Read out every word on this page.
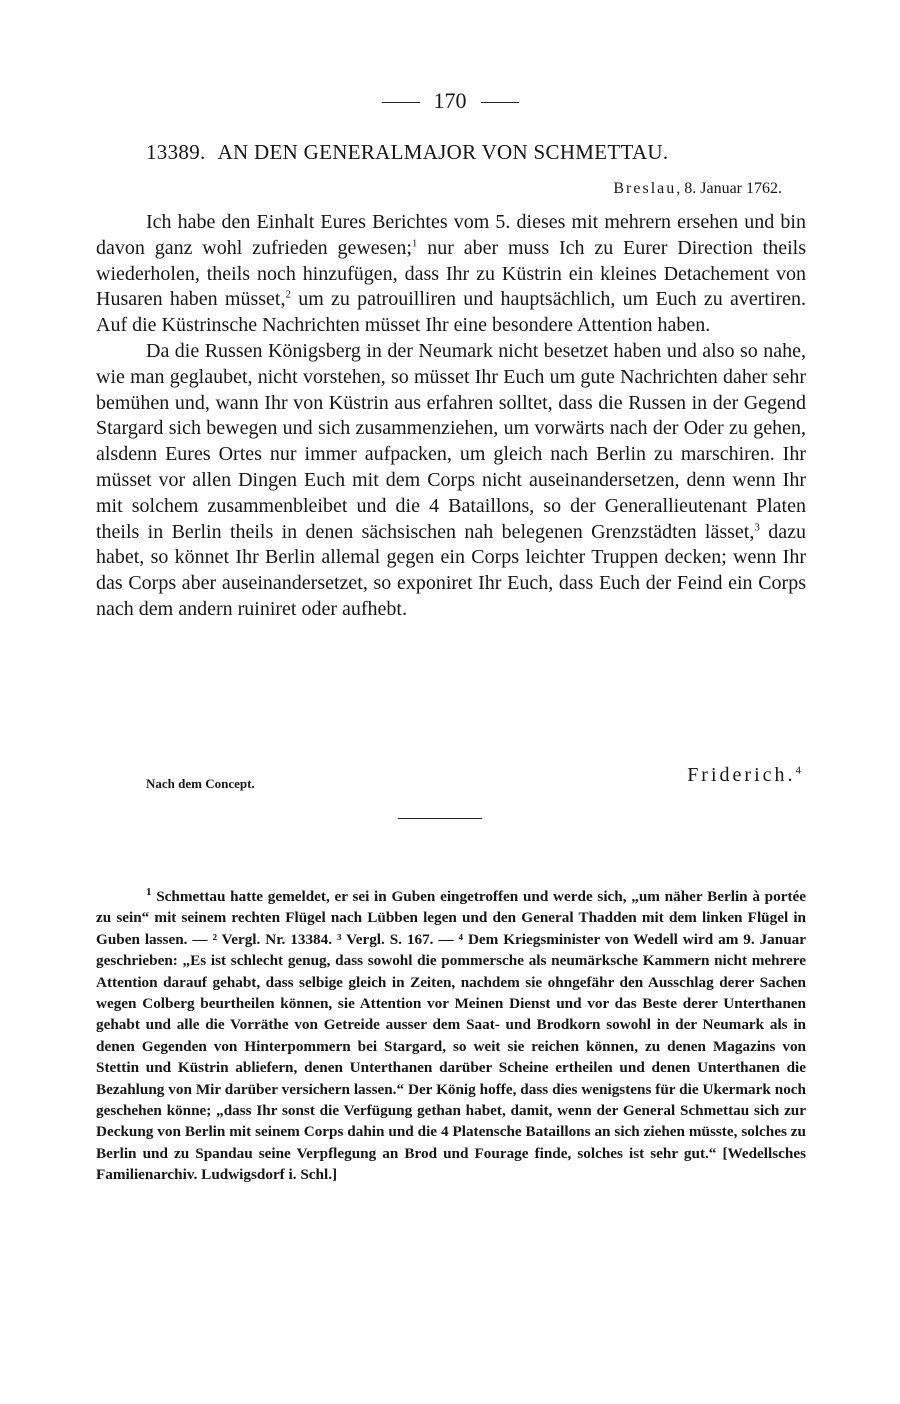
170
13389. AN DEN GENERALMAJOR VON SCHMETTAU.
Breslau, 8. Januar 1762.

Ich habe den Einhalt Eures Berichtes vom 5. dieses mit mehrern ersehen und bin davon ganz wohl zufrieden gewesen;$^1$ nur aber muss Ich zu Eurer Direction theils wiederholen, theils noch hinzufügen, dass Ihr zu Küstrin ein kleines Detachement von Husaren haben müsset,$^2$ um zu patrouilliren und hauptsächlich, um Euch zu avertiren. Auf die Küstrinsche Nachrichten müsset Ihr eine besondere Attention haben.

Da die Russen Königsberg in der Neumark nicht besetzet haben und also so nahe, wie man geglaubet, nicht vorstehen, so müsset Ihr Euch um gute Nachrichten daher sehr bemühen und, wann Ihr von Küstrin aus erfahren solltet, dass die Russen in der Gegend Stargard sich bewegen und sich zusammenziehen, um vorwärts nach der Oder zu gehen, alsdenn Eures Ortes nur immer aufpacken, um gleich nach Berlin zu marschiren. Ihr müsset vor allen Dingen Euch mit dem Corps nicht auseinandersetzen, denn wenn Ihr mit solchem zusammenbleibet und die 4 Bataillons, so der Generallieutenant Platen theils in Berlin theils in denen sächsischen nah belegenen Grenzstädten lässet,$^3$ dazu habet, so könnet Ihr Berlin allemal gegen ein Corps leichter Truppen decken; wenn Ihr das Corps aber auseinandersetzet, so exponiret Ihr Euch, dass Euch der Feind ein Corps nach dem andern ruiniret oder aufhebt.

Nach dem Concept.	Friderich.$^4$

$^1$ Schmettau hatte gemeldet, er sei in Guben eingetroffen und werde sich, „um näher Berlin à portée zu sein“ mit seinem rechten Flügel nach Lübben legen und den General Thadden mit dem linken Flügel in Guben lassen. — ² Vergl. Nr. 13384. ³ Vergl. S. 167. — ⁴ Dem Kriegsminister von Wedell wird am 9. Januar geschrieben: „Es ist schlecht genug, dass sowohl die pommersche als neumärksche Kammern nicht mehrere Attention darauf gehabt, dass selbige gleich in Zeiten, nachdem sie ohngefähr den Ausschlag derer Sachen wegen Colberg beurtheilen können, sie Attention vor Meinen Dienst und vor das Beste derer Unterthanen gehabt und alle die Vorräthe von Getreide ausser dem Saat- und Brodkorn sowohl in der Neumark als in denen Gegenden von Hinterpommern bei Stargard, so weit sie reichen können, zu denen Magazins von Stettin und Küstrin abliefern, denen Unterthanen darüber Scheine ertheilen und denen Unterthanen die Bezahlung von Mir darüber versichern lassen.“ Der König hoffe, dass dies wenigstens für die Ukermark noch geschehen könne; „dass Ihr sonst die Verfügung gethan habet, damit, wenn der General Schmettau sich zur Deckung von Berlin mit seinem Corps dahin und die 4 Platensche Bataillons an sich ziehen müsste, solches zu Berlin und zu Spandau seine Verpflegung an Brod und Fourage finde, solches ist sehr gut.“ [Wedellsches Familienarchiv. Ludwigsdorf i. Schl.]
